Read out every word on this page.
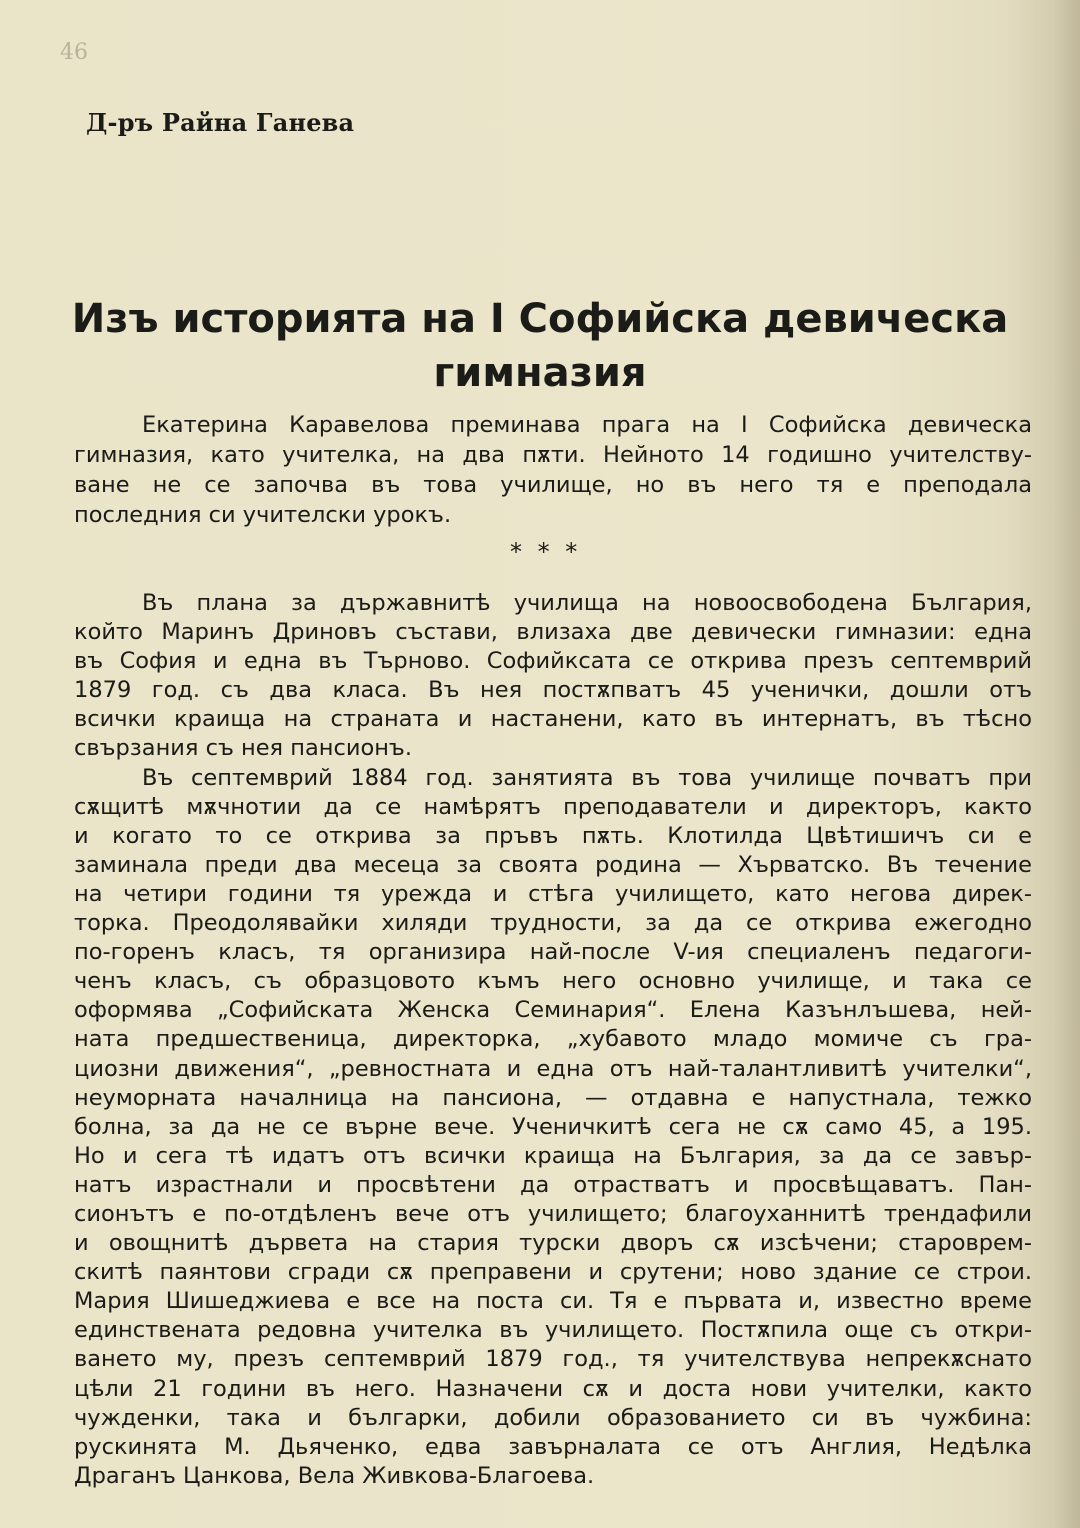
46
Д-ръ Райна Ганева
Изъ историята на I Софийска девическа
гимназия
Екатерина Каравелова преминава прага на I Софийска девическа
гимназия, като учителка, на два пѫти. Нейното 14 годишно учителству-
ване не се започва въ това училище, но въ него тя е преподала
последния си учителски урокъ.
* * *
Въ плана за държавнитѣ училища на новоосвободена България,
който Маринъ Дриновъ състави, влизаха две девически гимназии: една
въ София и една въ Търново. Софийксата се открива презъ септемврий
1879 год. съ два класа. Въ нея постѫпватъ 45 ученички, дошли отъ
всички краища на страната и настанени, като въ интернатъ, въ тѣсно
свързания съ нея пансионъ.
Въ септемврий 1884 год. занятията въ това училище почватъ при
сѫщитѣ мѫчнотии да се намѣрятъ преподаватели и директоръ, както
и когато то се открива за пръвъ пѫть. Клотилда Цвѣтишичъ си е
заминала преди два месеца за своята родина — Хърватско. Въ течение
на четири години тя урежда и стѣга училището, като негова дирек-
торка. Преодолявайки хиляди трудности, за да се открива ежегодно
по-горенъ класъ, тя организира най-после V-ия специаленъ педагоги-
ченъ класъ, съ образцовото къмъ него основно училище, и така се
оформява „Софийската Женска Семинария“. Елена Казънлъшева, ней-
ната предшественица, директорка, „хубавото младо момиче съ гра-
циозни движения“, „ревностната и една отъ най-талантливитѣ учителки“,
неуморната началница на пансиона, — отдавна е напустнала, тежко
болна, за да не се върне вече. Ученичкитѣ сега не сѫ само 45, а 195.
Но и сега тѣ идатъ отъ всички краища на България, за да се завър-
натъ израстнали и просвѣтени да отрастватъ и просвѣщаватъ. Пан-
сионътъ е по-отдѣленъ вече отъ училището; благоуханнитѣ трендафили
и овощнитѣ дървета на стария турски дворъ сѫ изсѣчени; староврем-
скитѣ паянтови сгради сѫ преправени и срутени; ново здание се строи.
Мария Шишеджиева е все на поста си. Тя е първата и, известно време
единствената редовна учителка въ училището. Постѫпила още съ откри-
ването му, презъ септемврий 1879 год., тя учителствува непрекѫснато
цѣли 21 години въ него. Назначени сѫ и доста нови учителки, както
чужденки, така и българки, добили образованието си въ чужбина:
рускинята М. Дьяченко, едва завърналата се отъ Англия, Недѣлка
Драганъ Цанкова, Вела Живкова-Благоева.
